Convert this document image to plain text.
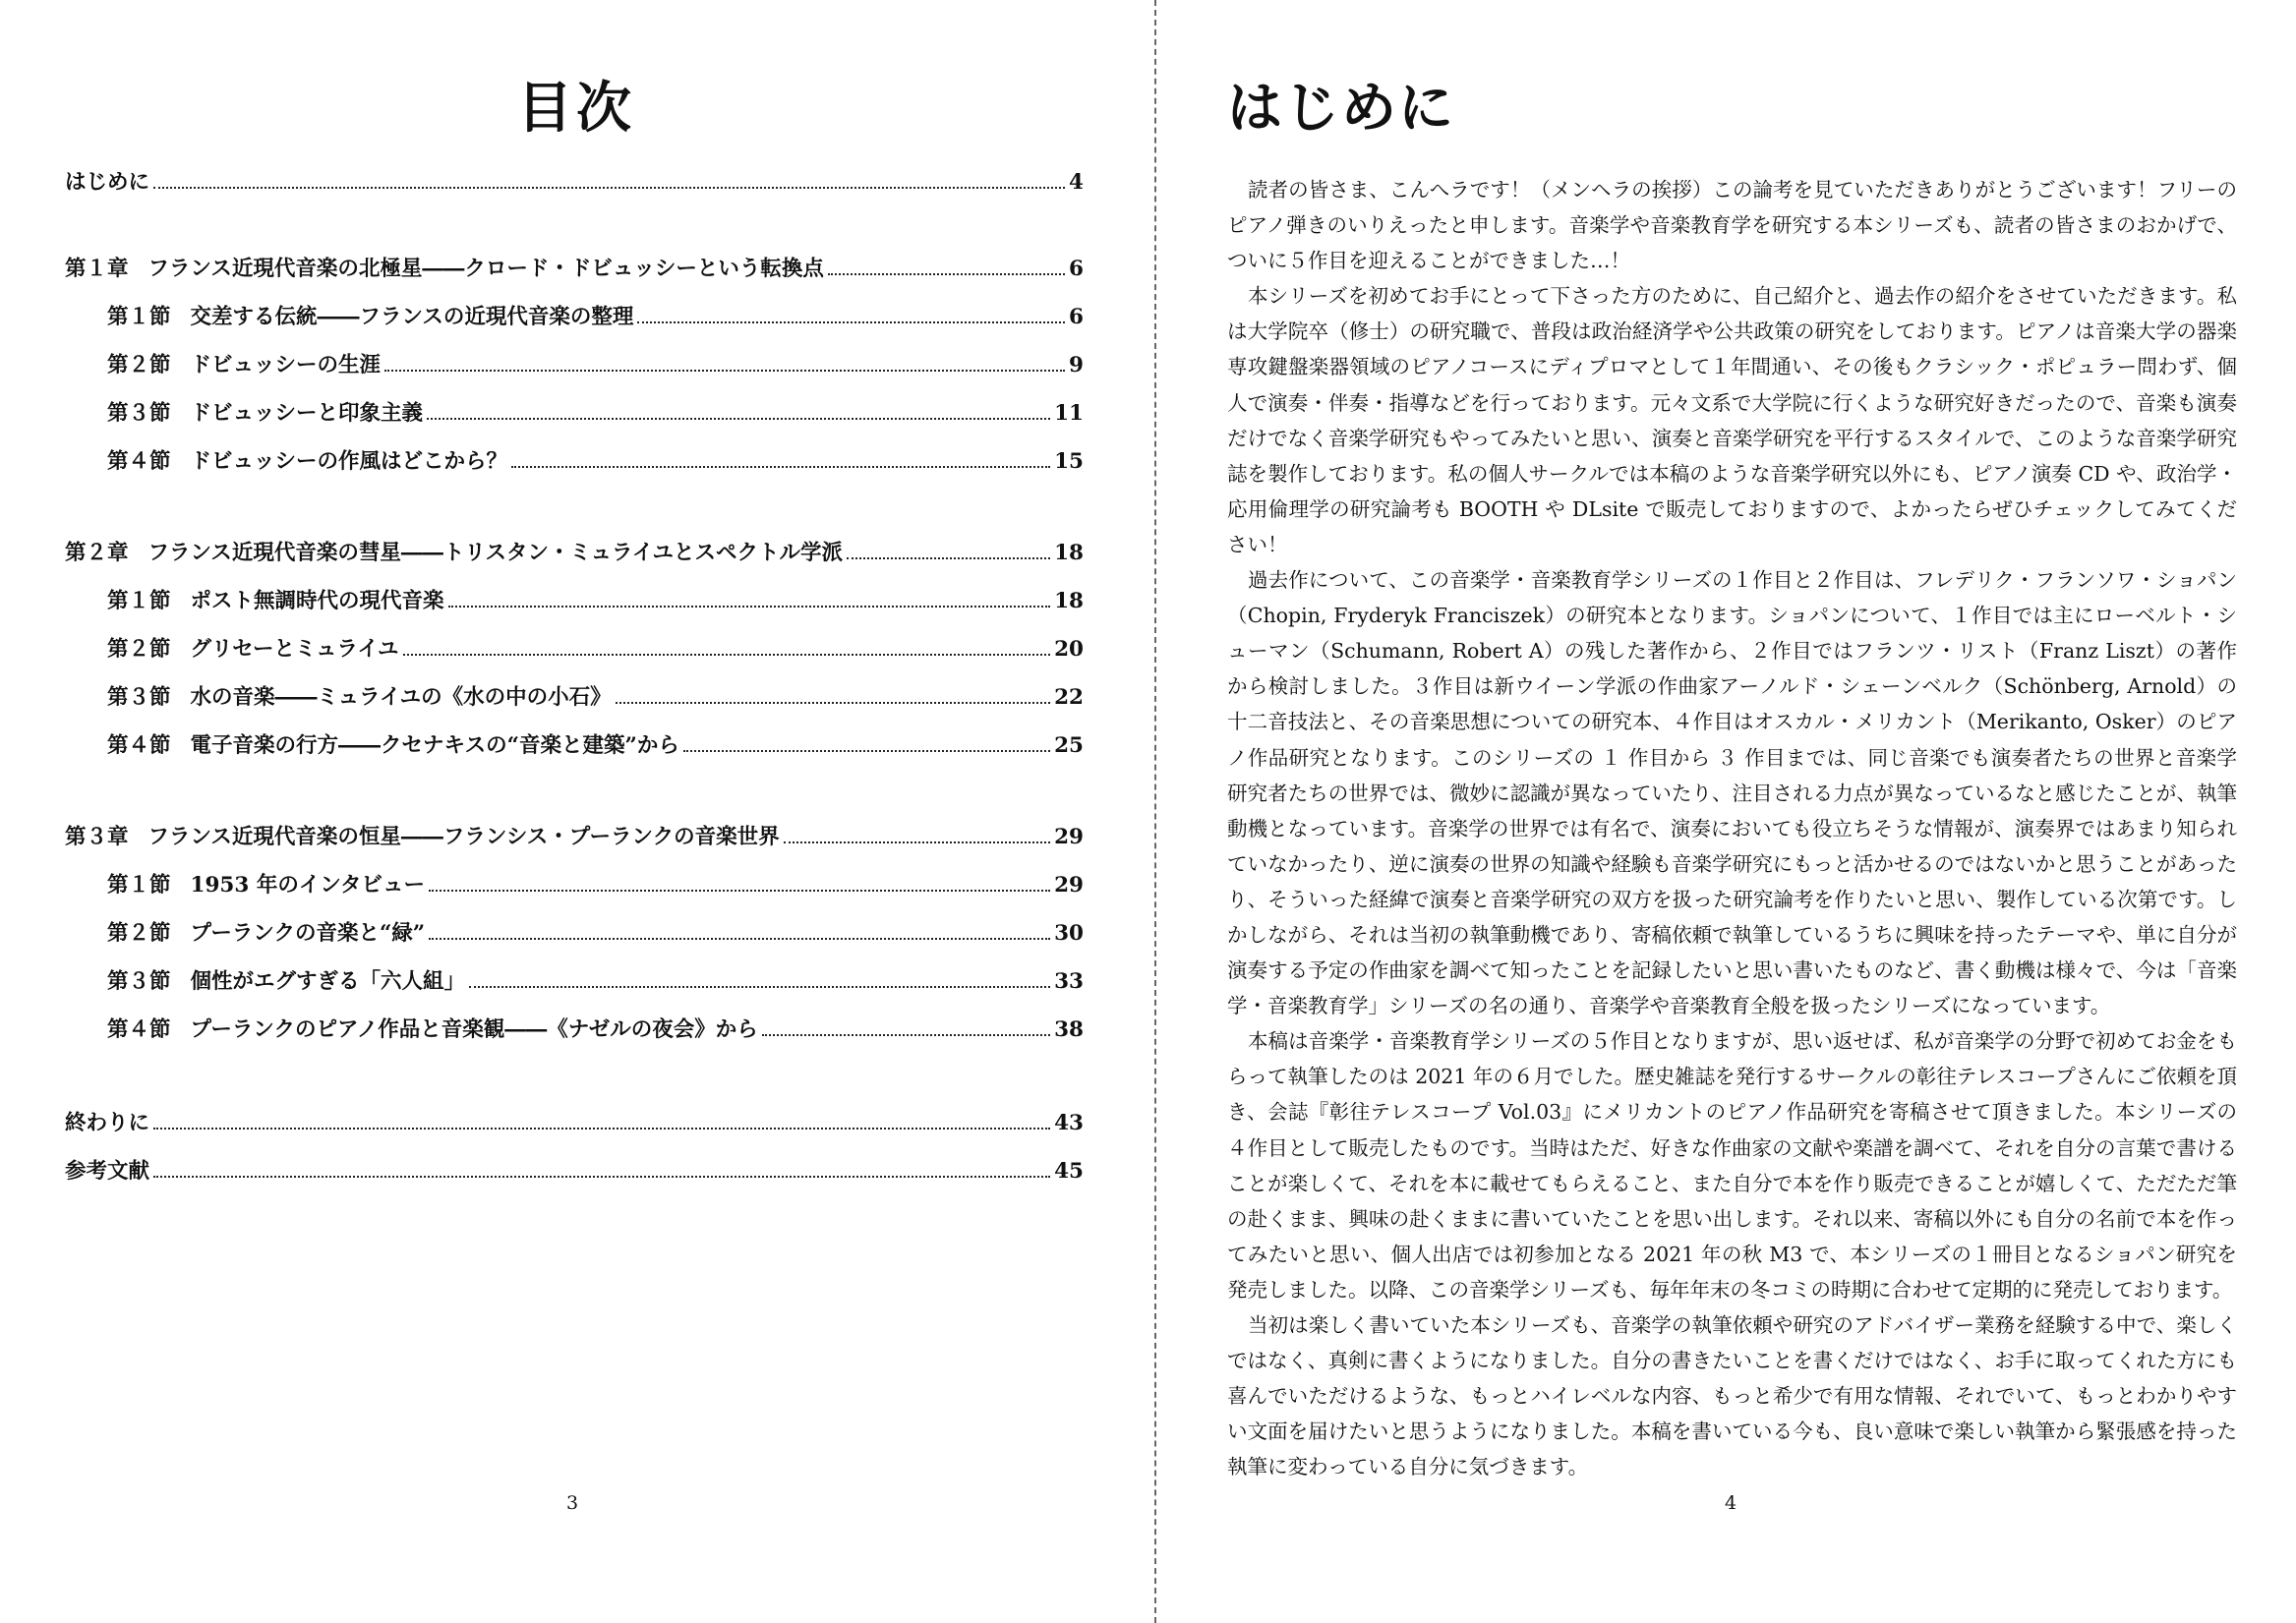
目次
はじめに	4
第１章 フランス近現代音楽の北極星――クロード・ドビュッシーという転換点	6
第１節 交差する伝統――フランスの近現代音楽の整理	6
第２節 ドビュッシーの生涯	9
第３節 ドビュッシーと印象主義	11
第４節 ドビュッシーの作風はどこから？	15
第２章 フランス近現代音楽の彗星――トリスタン・ミュライユとスペクトル学派	18
第１節 ポスト無調時代の現代音楽	18
第２節 グリセーとミュライユ	20
第３節 水の音楽――ミュライユの《水の中の小石》	22
第４節 電子音楽の行方――クセナキスの“音楽と建築”から	25
第３章 フランス近現代音楽の恒星――フランシス・プーランクの音楽世界	29
第１節 1953 年のインタビュー	29
第２節 プーランクの音楽と“緑”	30
第３節 個性がエグすぎる「六人組」	33
第４節 プーランクのピアノ作品と音楽観――《ナゼルの夜会》から	38
終わりに	43
参考文献	45
3
はじめに

読者の皆さま、こんへラです！（メンヘラの挨拶）この論考を見ていただきありがとうございます！フリーのピアノ弾きのいりえったと申します。音楽学や音楽教育学を研究する本シリーズも、読者の皆さまのおかげで、ついに５作目を迎えることができました…！

本シリーズを初めてお手にとって下さった方のために、自己紹介と、過去作の紹介をさせていただきます。私は大学院卒（修士）の研究職で、普段は政治経済学や公共政策の研究をしております。ピアノは音楽大学の器楽専攻鍵盤楽器領域のピアノコースにディプロマとして１年間通い、その後もクラシック・ポピュラー問わず、個人で演奏・伴奏・指導などを行っております。元々文系で大学院に行くような研究好きだったので、音楽も演奏だけでなく音楽学研究もやってみたいと思い、演奏と音楽学研究を平行するスタイルで、このような音楽学研究誌を製作しております。私の個人サークルでは本稿のような音楽学研究以外にも、ピアノ演奏 CD や、政治学・応用倫理学の研究論考も BOOTH や DLsite で販売しておりますので、よかったらぜひチェックしてみてください！

過去作について、この音楽学・音楽教育学シリーズの１作目と２作目は、フレデリク・フランソワ・ショパン（Chopin, Fryderyk Franciszek）の研究本となります。ショパンについて、１作目では主にローベルト・シューマン（Schumann, Robert A）の残した著作から、２作目ではフランツ・リスト（Franz Liszt）の著作から検討しました。３作目は新ウイーン学派の作曲家アーノルド・シェーンベルク（Schönberg, Arnold）の十二音技法と、その音楽思想についての研究本、４作目はオスカル・メリカント（Merikanto, Osker）のピアノ作品研究となります。このシリーズの １ 作目から ３ 作目までは、同じ音楽でも演奏者たちの世界と音楽学研究者たちの世界では、微妙に認識が異なっていたり、注目される力点が異なっているなと感じたことが、執筆動機となっています。音楽学の世界では有名で、演奏においても役立ちそうな情報が、演奏界ではあまり知られていなかったり、逆に演奏の世界の知識や経験も音楽学研究にもっと活かせるのではないかと思うことがあったり、そういった経緯で演奏と音楽学研究の双方を扱った研究論考を作りたいと思い、製作している次第です。しかしながら、それは当初の執筆動機であり、寄稿依頼で執筆しているうちに興味を持ったテーマや、単に自分が演奏する予定の作曲家を調べて知ったことを記録したいと思い書いたものなど、書く動機は様々で、今は「音楽学・音楽教育学」シリーズの名の通り、音楽学や音楽教育全般を扱ったシリーズになっています。

本稿は音楽学・音楽教育学シリーズの５作目となりますが、思い返せば、私が音楽学の分野で初めてお金をもらって執筆したのは 2021 年の６月でした。歴史雑誌を発行するサークルの彰往テレスコープさんにご依頼を頂き、会誌『彰往テレスコープ Vol.03』にメリカントのピアノ作品研究を寄稿させて頂きました。本シリーズの４作目として販売したものです。当時はただ、好きな作曲家の文献や楽譜を調べて、それを自分の言葉で書けることが楽しくて、それを本に載せてもらえること、また自分で本を作り販売できることが嬉しくて、ただただ筆の赴くまま、興味の赴くままに書いていたことを思い出します。それ以来、寄稿以外にも自分の名前で本を作ってみたいと思い、個人出店では初参加となる 2021 年の秋 M3 で、本シリーズの１冊目となるショパン研究を発売しました。以降、この音楽学シリーズも、毎年年末の冬コミの時期に合わせて定期的に発売しております。

当初は楽しく書いていた本シリーズも、音楽学の執筆依頼や研究のアドバイザー業務を経験する中で、楽しくではなく、真剣に書くようになりました。自分の書きたいことを書くだけではなく、お手に取ってくれた方にも喜んでいただけるような、もっとハイレベルな内容、もっと希少で有用な情報、それでいて、もっとわかりやすい文面を届けたいと思うようになりました。本稿を書いている今も、良い意味で楽しい執筆から緊張感を持った執筆に変わっている自分に気づきます。

4
